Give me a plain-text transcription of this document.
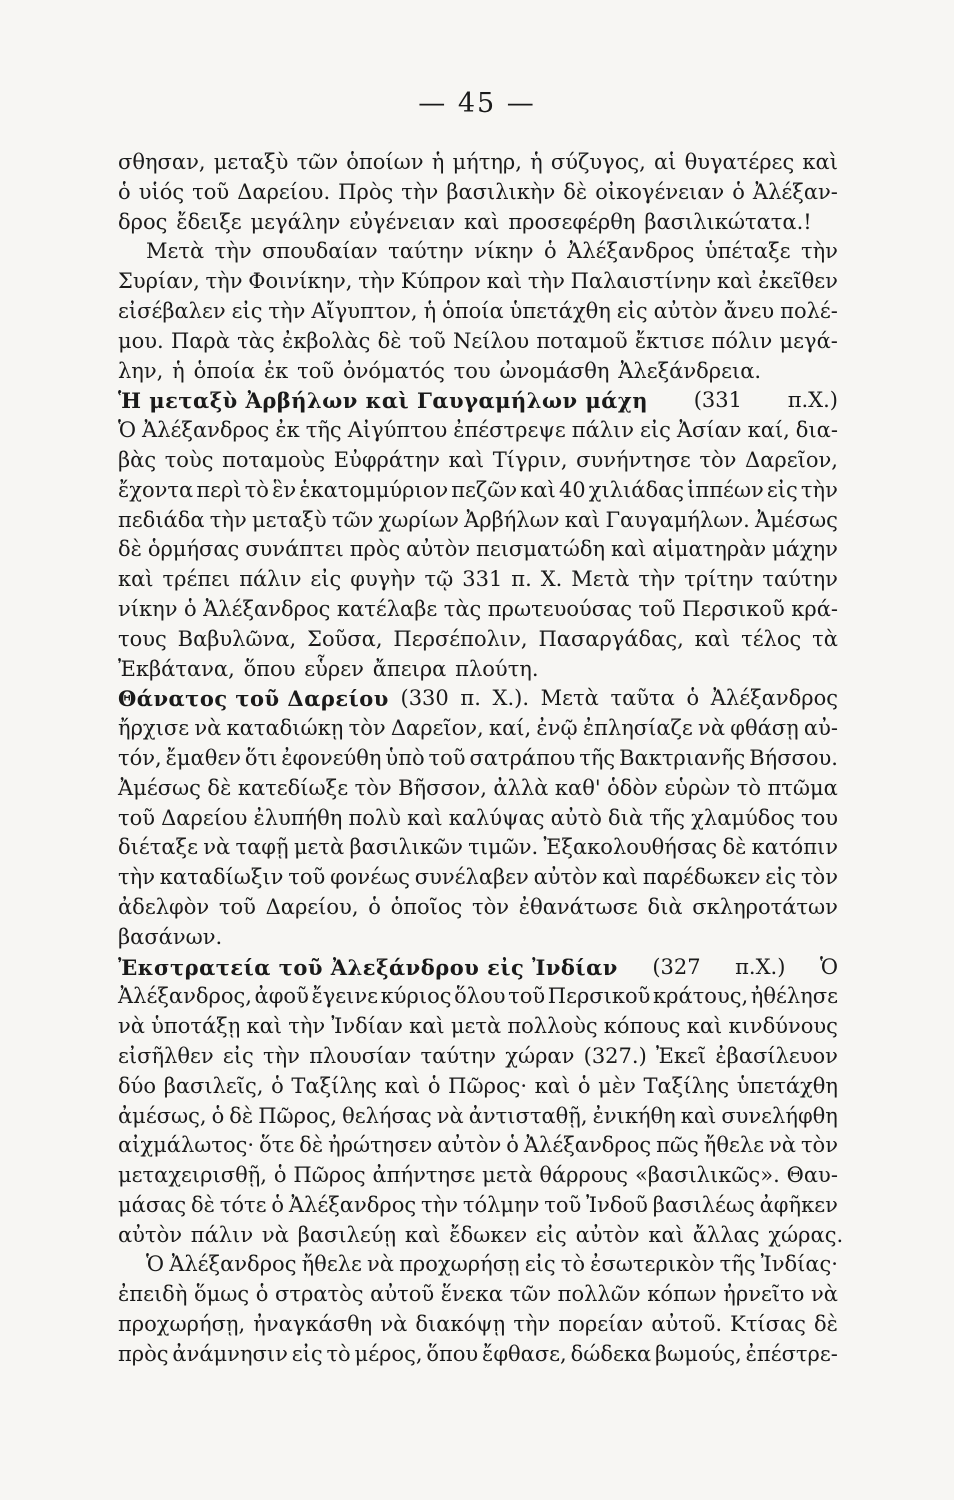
— 45 —
σθησαν, μεταξὺ τῶν ὁποίων ἡ μήτηρ, ἡ σύζυγος, αἱ θυγατέρες καὶ
ὁ υἱός τοῦ Δαρείου. Πρὸς τὴν βασιλικὴν δὲ οἰκογένειαν ὁ Ἀλέξαν-
δρος ἔδειξε μεγάλην εὐγένειαν καὶ προσεφέρθη βασιλικώτατα.!
Μετὰ τὴν σπουδαίαν ταύτην νίκην ὁ Ἀλέξανδρος ὑπέταξε τὴν
Συρίαν, τὴν Φοινίκην, τὴν Κύπρον καὶ τὴν Παλαιστίνην καὶ ἐκεῖθεν
εἰσέβαλεν εἰς τὴν Αἴγυπτον, ἡ ὁποία ὑπετάχθη εἰς αὐτὸν ἄνευ πολέ-
μου. Παρὰ τὰς ἐκβολὰς δὲ τοῦ Νείλου ποταμοῦ ἔκτισε πόλιν μεγά-
λην, ἡ ὁποία ἐκ τοῦ ὀνόματός του ὠνομάσθη Ἀλεξάνδρεια.
Ἡ μεταξὺ Ἀρβήλων καὶ Γαυγαμήλων μάχη (331 π.Χ.)
Ὁ Ἀλέξανδρος ἐκ τῆς Αἰγύπτου ἐπέστρεψε πάλιν εἰς Ἀσίαν καί, δια-
βὰς τοὺς ποταμοὺς Εὐφράτην καὶ Τίγριν, συνήντησε τὸν Δαρεῖον,
ἔχοντα περὶ τὸ ἓν ἑκατομμύριον πεζῶν καὶ 40 χιλιάδας ἱππέων εἰς τὴν
πεδιάδα τὴν μεταξὺ τῶν χωρίων Ἀρβήλων καὶ Γαυγαμήλων. Ἀμέσως
δὲ ὁρμήσας συνάπτει πρὸς αὐτὸν πεισματώδη καὶ αἱματηρὰν μάχην
καὶ τρέπει πάλιν εἰς φυγὴν τῷ 331 π. Χ. Μετὰ τὴν τρίτην ταύτην
νίκην ὁ Ἀλέξανδρος κατέλαβε τὰς πρωτευούσας τοῦ Περσικοῦ κρά-
τους Βαβυλῶνα, Σοῦσα, Περσέπολιν, Πασαργάδας, καὶ τέλος τὰ
Ἐκβάτανα, ὅπου εὗρεν ἄπειρα πλούτη.
Θάνατος τοῦ Δαρείου (330 π. Χ.). Μετὰ ταῦτα ὁ Ἀλέξανδρος
ἤρχισε νὰ καταδιώκῃ τὸν Δαρεῖον, καί, ἐνῷ ἐπλησίαζε νὰ φθάσῃ αὐ-
τόν, ἔμαθεν ὅτι ἐφονεύθη ὑπὸ τοῦ σατράπου τῆς Βακτριανῆς Βήσσου.
Ἀμέσως δὲ κατεδίωξε τὸν Βῆσσον, ἀλλὰ καθ' ὁδὸν εὑρὼν τὸ πτῶμα
τοῦ Δαρείου ἐλυπήθη πολὺ καὶ καλύψας αὐτὸ διὰ τῆς χλαμύδος του
διέταξε νὰ ταφῇ μετὰ βασιλικῶν τιμῶν. Ἐξακολουθήσας δὲ κατόπιν
τὴν καταδίωξιν τοῦ φονέως συνέλαβεν αὐτὸν καὶ παρέδωκεν εἰς τὸν
ἀδελφὸν τοῦ Δαρείου, ὁ ὁποῖος τὸν ἐθανάτωσε διὰ σκληροτάτων
βασάνων.
Ἐκστρατεία τοῦ Ἀλεξάνδρου εἰς Ἰνδίαν (327 π.Χ.) Ὁ
Ἀλέξανδρος, ἀφοῦ ἔγεινε κύριος ὅλου τοῦ Περσικοῦ κράτους, ἠθέλησε
νὰ ὑποτάξῃ καὶ τὴν Ἰνδίαν καὶ μετὰ πολλοὺς κόπους καὶ κινδύνους
εἰσῆλθεν εἰς τὴν πλουσίαν ταύτην χώραν (327.) Ἐκεῖ ἐβασίλευον
δύο βασιλεῖς, ὁ Ταξίλης καὶ ὁ Πῶρος· καὶ ὁ μὲν Ταξίλης ὑπετάχθη
ἀμέσως, ὁ δὲ Πῶρος, θελήσας νὰ ἀντισταθῇ, ἐνικήθη καὶ συνελήφθη
αἰχμάλωτος· ὅτε δὲ ἠρώτησεν αὐτὸν ὁ Ἀλέξανδρος πῶς ἤθελε νὰ τὸν
μεταχειρισθῇ, ὁ Πῶρος ἀπήντησε μετὰ θάρρους «βασιλικῶς». Θαυ-
μάσας δὲ τότε ὁ Ἀλέξανδρος τὴν τόλμην τοῦ Ἰνδοῦ βασιλέως ἀφῆκεν
αὐτὸν πάλιν νὰ βασιλεύῃ καὶ ἔδωκεν εἰς αὐτὸν καὶ ἄλλας χώρας.
Ὁ Ἀλέξανδρος ἤθελε νὰ προχωρήσῃ εἰς τὸ ἐσωτερικὸν τῆς Ἰνδίας·
ἐπειδὴ ὅμως ὁ στρατὸς αὐτοῦ ἕνεκα τῶν πολλῶν κόπων ἠρνεῖτο νὰ
προχωρήσῃ, ἠναγκάσθη νὰ διακόψῃ τὴν πορείαν αὐτοῦ. Κτίσας δὲ
πρὸς ἀνάμνησιν εἰς τὸ μέρος, ὅπου ἔφθασε, δώδεκα βωμούς, ἐπέστρε-
